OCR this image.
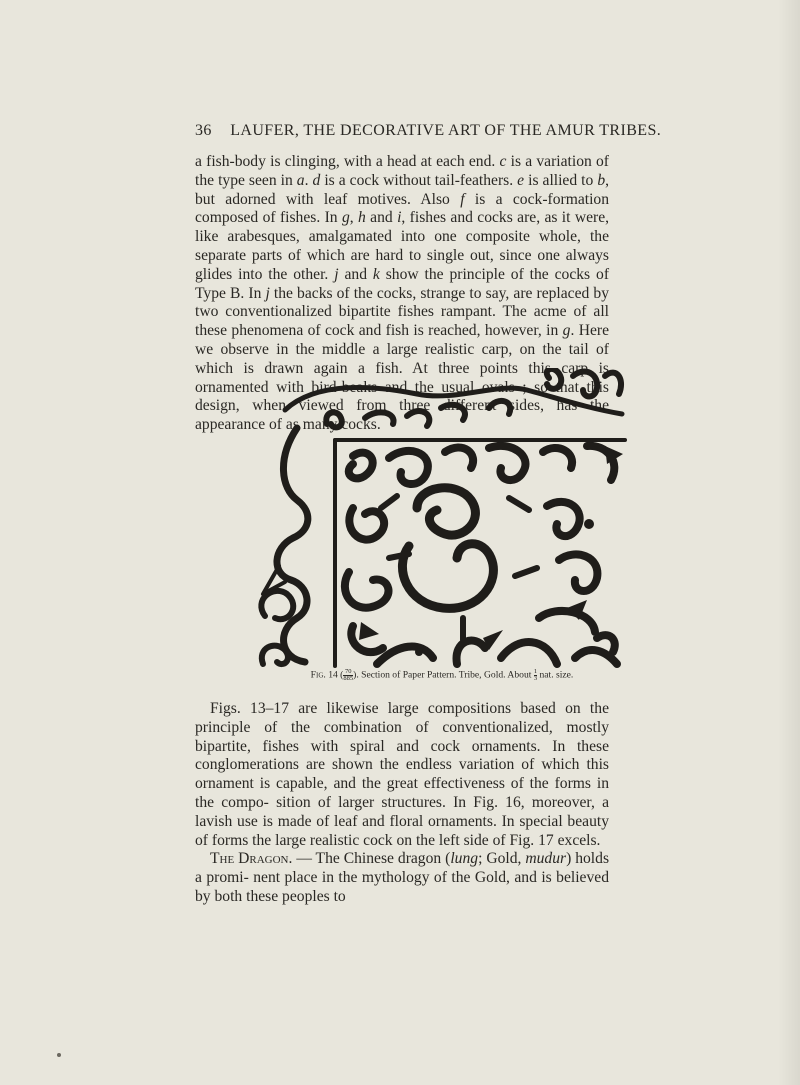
36 LAUFER, THE DECORATIVE ART OF THE AMUR TRIBES.

a fish-body is clinging, with a head at each end. c is a variation of the type seen in a. d is a cock without tail-feathers. e is allied to b, but adorned with leaf motives. Also f is a cock-formation composed of fishes. In g, h and i, fishes and cocks are, as it were, like arabesques, amalgamated into one composite whole, the separate parts of which are hard to single out, since one always glides into the other. j and k show the principle of the cocks of Type B. In j the backs of the cocks, strange to say, are replaced by two conventionalized bipartite fishes rampant. The acme of all these phenomena of cock and fish is reached, however, in g. Here we observe in the middle a large realistic carp, on the tail of which is drawn again a fish. At three points this carp is ornamented with bird-beaks and the usual ovals ; so that this design, when viewed from three different sides, has the appearance of as many cocks.

Fig. 14 ( $\frac{70}{885}$ ). Section of Paper Pattern. Tribe, Gold. About $\frac{1}{3}$ nat. size.

Figs. 13–17 are likewise large compositions based on the principle of the combination of conventionalized, mostly bipartite, fishes with spiral and cock ornaments. In these conglomerations are shown the endless variation of which this ornament is capable, and the great effectiveness of the forms in the compo- sition of larger structures. In Fig. 16, moreover, a lavish use is made of leaf and floral ornaments. In special beauty of forms the large realistic cock on the left side of Fig. 17 excels.
The Dragon. — The Chinese dragon (lung; Gold, mudur) holds a promi- nent place in the mythology of the Gold, and is believed by both these peoples to
